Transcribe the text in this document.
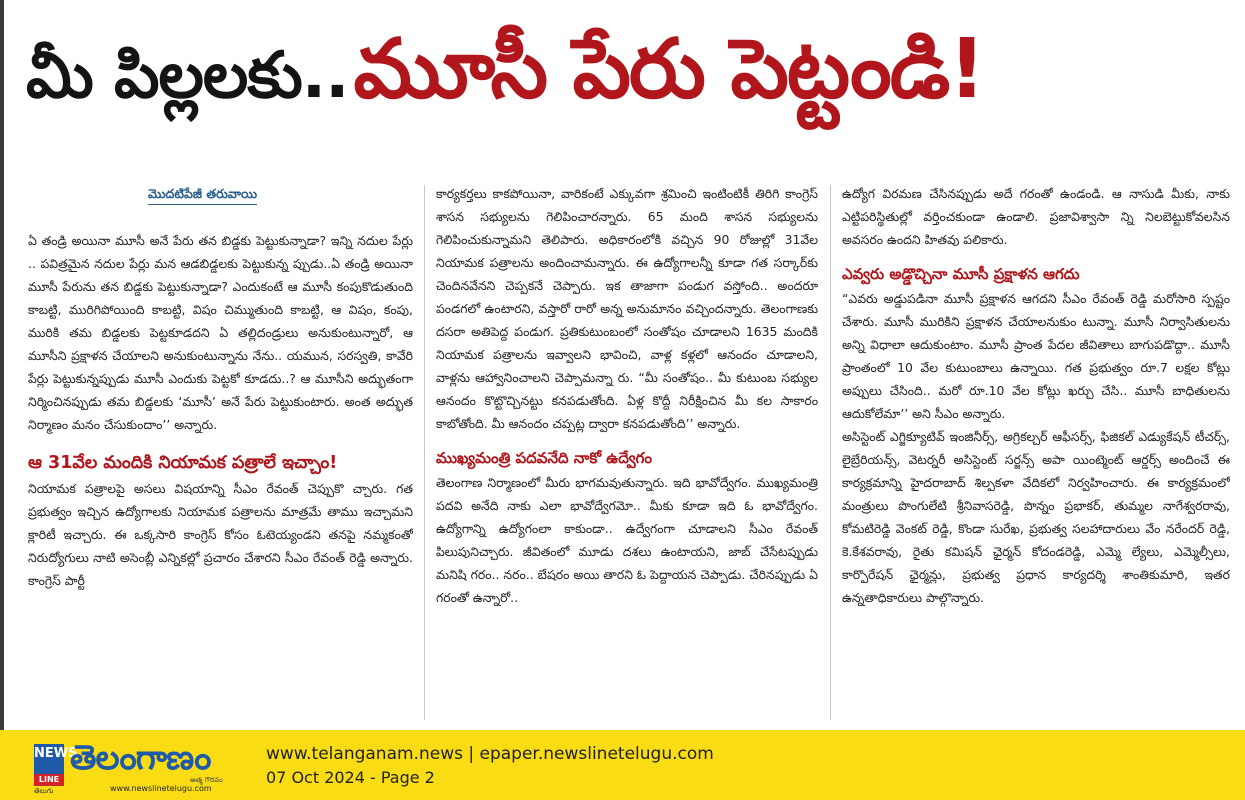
మీ పిల్లలకు.. మూసీ పేరు పెట్టండి!
మొదటిపేజీ తరువాయి

ఏ తండ్రి అయినా మూసీ అనే పేరు తన బిడ్డకు పెట్టుకున్నాడా? ఇన్ని నదుల పేర్లు .. పవిత్రమైన నదుల పేర్లు మన ఆడబిడ్డలకు పెట్టుకున్న ప్పుడు..ఏ తండ్రి అయినా మూసీ పేరును తన బిడ్డకు పెట్టుకున్నాడా? ఎందుకంటే ఆ మూసీ కంపుకొడుతుంది కాబట్టి, మురిగిపోయింది కాబట్టి, విషం చిమ్ముతుంది కాబట్టి, ఆ విషం, కంపు, మురికి తమ బిడ్డలకు పెట్టకూడదని ఏ తల్లిదండ్రులు అనుకుంటున్నారో, ఆ మూసీని ప్రక్షాళన చేయాలని అనుకుంటున్నాను నేను.. యమున, సరస్వతి, కావేరి పేర్లు పెట్టుకున్నప్పుడు మూసీ ఎందుకు పెట్టకో కూడదు..? ఆ మూసీని అద్భుతంగా నిర్మించినప్పుడు తమ బిడ్డలకు ‘మూసీ’ అనే పేరు పెట్టుకుంటారు. అంత అద్భుత నిర్మాణం మనం చేసుకుందాం’’ అన్నారు.

ఆ 31వేల మందికి నియామక పత్రాలే ఇచ్చాం!

నియామక పత్రాలపై అసలు విషయాన్ని సీఎం రేవంత్ చెప్పుకొ చ్చారు. గత ప్రభుత్వం ఇచ్చిన ఉద్యోగాలకు నియామక పత్రాలను మాత్రమే తాము ఇచ్చామని క్లారిటీ ఇచ్చారు. ఈ ఒక్కసారి కాంగ్రెస్ కోసం ఓటెయ్యండని తనపై నమ్మకంతో నిరుద్యోగులు నాటి అసెంబ్లీ ఎన్నికల్లో ప్రచారం చేశారని సీఎం రేవంత్ రెడ్డి అన్నారు. కాంగ్రెస్ పార్టీ

కార్యకర్తలు కాకపోయినా, వారికంటే ఎక్కువగా శ్రమించి ఇంటింటికీ తిరిగి కాంగ్రెస్ శాసన సభ్యులను గెలిపించారన్నారు. 65 మంది శాసన సభ్యులను గెలిపించుకున్నామని తెలిపారు. అధికారంలోకి వచ్చిన 90 రోజుల్లో 31వేల నియామక పత్రాలను అందించామన్నారు. ఈ ఉద్యోగాలన్నీ కూడా గత సర్కార్‌కు చెందినవేనని చెప్పకనే చెప్పారు. ఇక తాజాగా పండుగ వస్తోంది.. అందరూ పండగలో ఉంటారని, వస్తారో రారో అన్న అనుమానం వచ్చిందన్నారు. తెలంగాణకు దసరా అతిపెద్ద పండుగ. ప్రతికుటుంబంలో సంతోషం చూడాలని 1635 మందికి నియామక పత్రాలను ఇవ్వాలని భావించి, వాళ్ల కళ్లలో ఆనందం చూడాలని, వాళ్లను ఆహ్వానించాలని చెప్పామన్నా రు. “మీ సంతోషం.. మీ కుటుంబ సభ్యుల ఆనందం కొట్టొచ్చినట్టు కనపడుతోంది. ఏళ్ల కొద్దీ నిరీక్షించిన మీ కల సాకారం కాబోతోంది. మీ ఆనందం చప్పట్ల ద్వారా కనపడుతోంది’’ అన్నారు.

ముఖ్యమంత్రి పదవనేది నాకో ఉద్వేగం

తెలంగాణ నిర్మాణంలో మీరు భాగమవుతున్నారు. ఇది భావోద్వేగం. ముఖ్యమంత్రి పదవి అనేది నాకు ఎలా భావోద్వేగమో.. మీకు కూడా ఇది ఓ భావోద్వేగం. ఉద్యోగాన్ని ఉద్యోగంలా కాకుండా.. ఉద్వేగంగా చూడాలని సీఎం రేవంత్ పిలుపునిచ్చారు. జీవితంలో మూడు దశలు ఉంటాయని, జాబ్ చేసేటప్పుడు మనిషి గరం.. నరం.. బేషరం అయి తారని ఓ పెద్దాయన చెప్పాడు. చేరినప్పుడు ఏ గరంతో ఉన్నారో..

ఉద్యోగ విరమణ చేసినప్పుడు అదే గరంతో ఉండండి. ఆ నాసుడి మీకు, నాకు ఎట్టిపరిస్థితుల్లో వర్తించకుండా ఉండాలి. ప్రజావిశ్వాసా న్ని నిలబెట్టుకోవలసిన అవసరం ఉందని హితవు పలికారు.

ఎవ్వరు అడ్డొచ్చినా మూసీ ప్రక్షాళన ఆగదు

“ఎవరు అడ్డుపడినా మూసీ ప్రక్షాళన ఆగదని సీఎం రేవంత్ రెడ్డి మరోసారి స్పష్టం చేశారు. మూసీ మురికిని ప్రక్షాళన చేయాలనుకుం టున్నా. మూసీ నిర్వాసితులను అన్ని విధాలా ఆదుకుంటాం. మూసీ ప్రాంత పేదల జీవితాలు బాగుపడొద్దా.. మూసీ ప్రాంతంలో 10 వేల కుటుంబాలు ఉన్నాయి. గత ప్రభుత్వం రూ.7 లక్షల కోట్లు అప్పులు చేసింది.. మరో రూ.10 వేల కోట్లు ఖర్చు చేసి.. మూసీ బాధితులను ఆదుకోలేమా’’ అని సీఎం అన్నారు.

అసిస్టెంట్ ఎగ్జిక్యూటివ్ ఇంజినీర్స్, అగ్రికల్చర్ ఆఫీసర్స్, ఫిజికల్ ఎడ్యుకేషన్ టీచర్స్, లైబ్రేరియన్స్, వెటర్నరీ అసిస్టెంట్ సర్జన్స్ అపా యింట్మెంట్ ఆర్డర్స్ అందించే ఈ కార్యక్రమాన్ని హైదరాబాద్ శిల్పకళా వేదికలో నిర్వహించారు. ఈ కార్యక్రమంలో మంత్రులు పొంగులేటి శ్రీనివాసరెడ్డి, పొన్నం ప్రభాకర్, తుమ్మల నాగేశ్వరరావు, కోమటిరెడ్డి వెంకట్ రెడ్డి, కొండా సురేఖ, ప్రభుత్వ సలహాదారులు వేం నరేందర్ రెడ్డి, కె.కేశవరావు, రైతు కమిషన్ ఛైర్మన్ కోదండరెడ్డి, ఎమ్మె ల్యేలు, ఎమ్మెల్సీలు, కార్పొరేషన్ ఛైర్మన్లు, ప్రభుత్వ ప్రధాన కార్యదర్శి శాంతికుమారి, ఇతర ఉన్నతాధికారులు పాల్గొన్నారు.

NEWS
LINE
తెలుగు
తెలంగాణం
ఆత్మ గౌరవం
www.newslinetelugu.com
www.telanganam.news | epaper.newslinetelugu.com
07 Oct 2024 - Page 2
